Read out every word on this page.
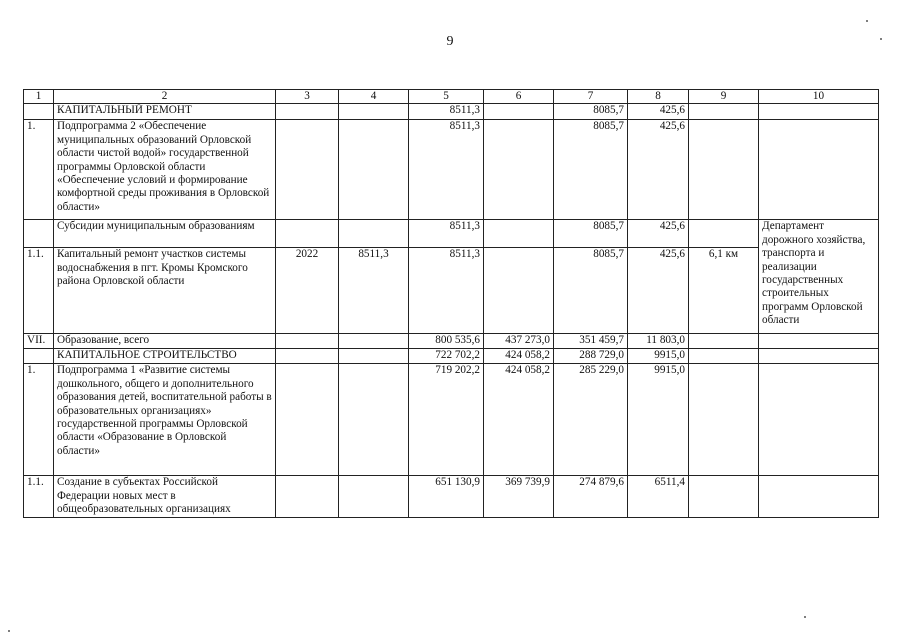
9
1	2	3	4	5	6	7	8	9	10
	КАПИТАЛЬНЫЙ РЕМОНТ			8511,3		8085,7	425,6		
1.	Подпрограмма 2 «Обеспечение муниципальных образований Орловской области чистой водой» государственной программы Орловской области «Обеспечение условий и формирование комфортной среды проживания в Орловской области»			8511,3		8085,7	425,6		
	Субсидии муниципальным образованиям			8511,3		8085,7	425,6		Департамент дорожного хозяйства, транспорта и реализации государственных строительных программ Орловской области
1.1.	Капитальный ремонт участков системы водоснабжения в пгт. Кромы Кромского района Орловской области	2022	8511,3	8511,3		8085,7	425,6	6,1 км	
VII.	Образование, всего			800 535,6	437 273,0	351 459,7	11 803,0		
	КАПИТАЛЬНОЕ СТРОИТЕЛЬСТВО			722 702,2	424 058,2	288 729,0	9915,0		
1.	Подпрограмма 1 «Развитие системы дошкольного, общего и дополнительного образования детей, воспитательной работы в образовательных организациях» государственной программы Орловской области «Образование в Орловской области»			719 202,2	424 058,2	285 229,0	9915,0		
1.1.	Создание в субъектах Российской Федерации новых мест в общеобразовательных организациях			651 130,9	369 739,9	274 879,6	6511,4		
